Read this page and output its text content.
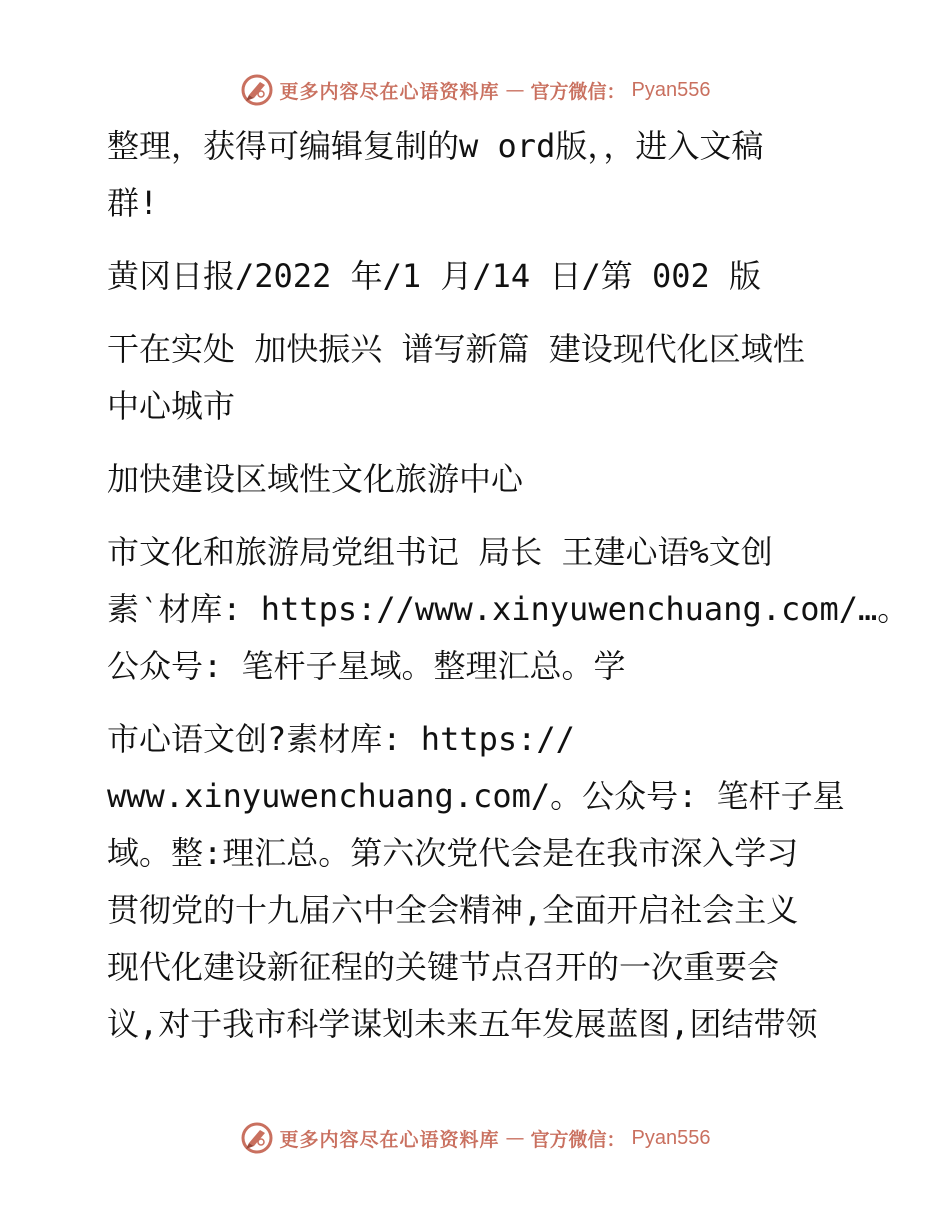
更多内容尽在心语资料库 — 官方微信： Pyan556

整理，获得可编辑复制的w ord版，，进入文稿
群!

黄冈日报/2022 年/1 月/14 日/第 002 版

干在实处 加快振兴 谱写新篇 建设现代化区域性
中心城市

加快建设区域性文化旅游中心

市文化和旅游局党组书记 局长 王建心语%文创
素‵材库: https://www.xinyuwenchuang.com/…。
公众号: 笔杆子星域。整理汇总。学

市心语文创?素材库: https://
www.xinyuwenchuang.com/。公众号: 笔杆子星
域。整:理汇总。第六次党代会是在我市深入学习
贯彻党的十九届六中全会精神,全面开启社会主义
现代化建设新征程的关键节点召开的一次重要会
议,对于我市科学谋划未来五年发展蓝图,团结带领

更多内容尽在心语资料库 — 官方微信： Pyan556
